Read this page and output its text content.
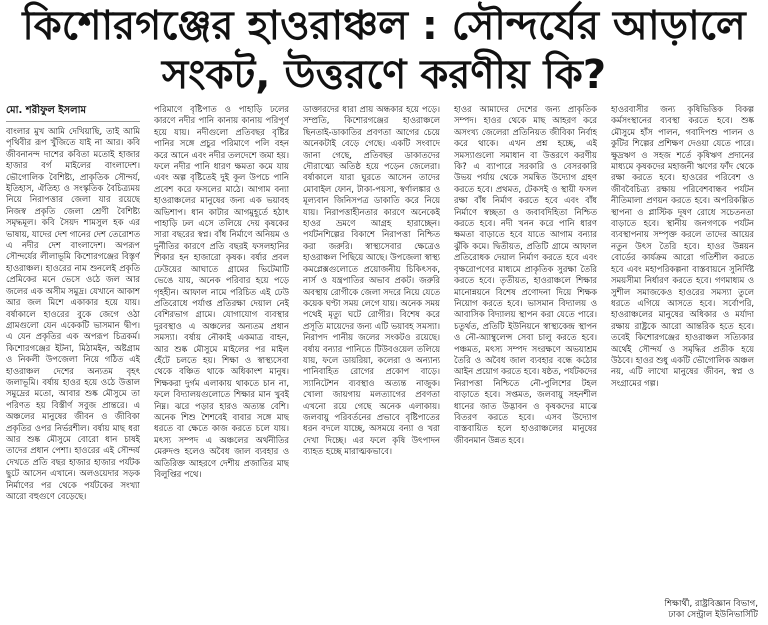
কিশোরগঞ্জের হাওরাঞ্চল : সৌন্দর্যের আড়ালে
সংকট, উত্তরণে করণীয় কি?
মো. শরীফুল ইসলাম

বাংলার মুখ আমি দেখিয়াছি, তাই আমি পৃথিবীর রূপ খুঁজিতে যাই না আর। কবি জীবনানন্দ দাশের কবিতা মতোই হাজার হাজার বর্গ মাইলের বাংলাদেশ। ভৌগোলিক বৈশিষ্ট্য, প্রাকৃতিক সৌন্দর্য, ইতিহাস, ঐতিহ্য ও সংস্কৃতিক বৈচিত্র্যময় নিয়ে নিরাপত্তার জেলা যার রয়েছে নিজস্ব প্রকৃতি জেলা শ্রেণী বৈশিষ্ট্য সমৃদ্ধমূল। কবি সৈয়দ শামসুল হক এর ভাষায়, যাদের দেশ গানের দেশ তেরোশত এ নদীর দেশ বাংলাদেশ। অপরূপ সৌন্দর্যের লীলাভূমি কিশোরগঞ্জের বিস্তৃর্ণ হাওরাঞ্চল। হাওরের নাম শুনলেই প্রকৃতি প্রেমিকের মনে ভেসে ওঠে জল আর জলের এক অসীম সমুদ্র। যেখানে আকাশ আর জল মিশে একাকার হয়ে যায়। বর্ষাকালে হাওরের বুকে জেগে ওঠা গ্রামগুলো যেন একেকটি ভাসমান দ্বীপ। এ যেন প্রকৃতির এক অপরূপ চিত্রকর্ম। কিশোরগঞ্জের ইটনা, মিঠামইন, অষ্টগ্রাম ও নিকলী উপজেলা নিয়ে গঠিত এই হাওরাঞ্চল দেশের অন্যতম বৃহৎ জলাভূমি। বর্ষায় হাওর হয়ে ওঠে উত্তাল সমুদ্রের মতো, আবার শুষ্ক মৌসুমে তা পরিণত হয় বিস্তীর্ণ সবুজ প্রান্তরে। এ অঞ্চলের মানুষের জীবন ও জীবিকা প্রকৃতির ওপর নির্ভরশীল। বর্ষায় মাছ ধরা আর শুষ্ক মৌসুমে বোরো ধান চাষই তাদের প্রধান পেশা। হাওরের এই সৌন্দর্য দেখতে প্রতি বছর হাজার হাজার পর্যটক ছুটে আসেন এখানে। অলওয়েদার সড়ক নির্মাণের পর থেকে পর্যটকের সংখ্যা আরো বহুগুণে বেড়েছে।

পরিমাণে বৃষ্টিপাত ও পাহাড়ি ঢলের কারণে নদীর পানি কানায় কানায় পরিপূর্ণ হয়ে যায়। নদীগুলো প্রতিবছর বৃষ্টির পানির সঙ্গে প্রচুর পরিমাণে পলি বহন করে আনে এবং নদীর তলদেশে জমা হয়। ফলে নদীর পানি ধারণ ক্ষমতা কমে যায় এবং অল্প বৃষ্টিতেই দুই কূল উপচে পানি প্রবেশ করে ফসলের মাঠে। আগাম বন্যা হাওরাঞ্চলের মানুষের জন্য এক ভয়াবহ অভিশাপ। ধান কাটার আগমুহূর্তে হঠাৎ পাহাড়ি ঢল এসে তলিয়ে দেয় কৃষকের সারা বছরের স্বপ্ন। বাঁধ নির্মাণে অনিয়ম ও দুর্নীতির কারণে প্রতি বছরই ফসলহানির শিকার হন হাজারো কৃষক। বর্ষার প্রবল ঢেউয়ের আঘাতে গ্রামের ভিটেমাটি ভেঙে যায়, অনেক পরিবার হয়ে পড়ে গৃহহীন। আফাল নামে পরিচিত এই ঢেউ প্রতিরোধে পর্যাপ্ত প্রতিরক্ষা দেয়াল নেই বেশিরভাগ গ্রামে। যোগাযোগ ব্যবস্থার দুরবস্থাও এ অঞ্চলের অন্যতম প্রধান সমস্যা। বর্ষায় নৌকাই একমাত্র বাহন, আর শুষ্ক মৌসুমে মাইলের পর মাইল হেঁটে চলতে হয়। শিক্ষা ও স্বাস্থ্যসেবা থেকে বঞ্চিত থাকে অধিকাংশ মানুষ। শিক্ষকরা দুর্গম এলাকায় থাকতে চান না, ফলে বিদ্যালয়গুলোতে শিক্ষার মান খুবই নিম্ন। ঝরে পড়ার হারও অত্যন্ত বেশি। অনেক শিশু শৈশবেই বাবার সঙ্গে মাছ ধরতে বা ক্ষেতে কাজ করতে চলে যায়। মৎস্য সম্পদ এ অঞ্চলের অর্থনীতির মেরুদণ্ড হলেও অবৈধ জাল ব্যবহার ও অতিরিক্ত আহরণে দেশীয় প্রজাতির মাছ বিলুপ্তির পথে।

ডাক্তারদের ধারা প্রায় অন্ধকার হয়ে পড়ে। সম্প্রতি, কিশোরগঞ্জের হাওরাঞ্চলে ছিনতাই-ডাকাতির প্রবণতা আগের চেয়ে অনেকটাই বেড়ে গেছে। একটি সংবাদে জানা গেছে, প্রতিবছর ডাকাতদের দৌরাত্ম্যে অতিষ্ঠ হয়ে পড়েন জেলেরা। বর্ষাকালে যারা ঘুরতে আসেন তাদের মোবাইল ফোন, টাকা-পয়সা, স্বর্ণালঙ্কার ও মূল্যবান জিনিসপত্র ডাকাতি করে নিয়ে যায়। নিরাপত্তাহীনতার কারণে অনেকেই হাওর ভ্রমণে আগ্রহ হারাচ্ছেন। পর্যটনশিল্পের বিকাশে নিরাপত্তা নিশ্চিত করা জরুরি। স্বাস্থ্যসেবার ক্ষেত্রেও হাওরাঞ্চল পিছিয়ে আছে। উপজেলা স্বাস্থ্য কমপ্লেক্সগুলোতে প্রয়োজনীয় চিকিৎসক, নার্স ও যন্ত্রপাতির অভাব প্রকট। জরুরি অবস্থায় রোগীকে জেলা সদরে নিয়ে যেতে কয়েক ঘণ্টা সময় লেগে যায়। অনেক সময় পথেই মৃত্যু ঘটে রোগীর। বিশেষ করে প্রসূতি মায়েদের জন্য এটি ভয়াবহ সমস্যা। নিরাপদ পানীয় জলের সংকটও রয়েছে। বর্ষায় বন্যার পানিতে টিউবওয়েল তলিয়ে যায়, ফলে ডায়রিয়া, কলেরা ও অন্যান্য পানিবাহিত রোগের প্রকোপ বাড়ে। স্যানিটেশন ব্যবস্থাও অত্যন্ত নাজুক। খোলা জায়গায় মলত্যাগের প্রবণতা এখনো রয়ে গেছে অনেক এলাকায়। জলবায়ু পরিবর্তনের প্রভাবে বৃষ্টিপাতের ধরন বদলে যাচ্ছে, অসময়ে বন্যা ও খরা দেখা দিচ্ছে। এর ফলে কৃষি উৎপাদন ব্যাহত হচ্ছে মারাত্মকভাবে।

হাওর আমাদের দেশের জন্য প্রাকৃতিক সম্পদ। হাওর থেকে মাছ আহরণ করে অসংখ্য জেলেরা প্রতিনিয়ত জীবিকা নির্বাহ করে থাকে। এখন প্রশ্ন হচ্ছে, এই সমস্যাগুলো সমাধান বা উত্তরণে করণীয় কি? এ ব্যাপারে সরকারি ও বেসরকারি উভয় পর্যায় থেকে সমন্বিত উদ্যোগ গ্রহণ করতে হবে। প্রথমত, টেকসই ও স্থায়ী ফসল রক্ষা বাঁধ নির্মাণ করতে হবে এবং বাঁধ নির্মাণে স্বচ্ছতা ও জবাবদিহিতা নিশ্চিত করতে হবে। নদী খনন করে পানি ধারণ ক্ষমতা বাড়াতে হবে যাতে আগাম বন্যার ঝুঁকি কমে। দ্বিতীয়ত, প্রতিটি গ্রামে আফাল প্রতিরোধক দেয়াল নির্মাণ করতে হবে এবং বৃক্ষরোপণের মাধ্যমে প্রাকৃতিক সুরক্ষা তৈরি করতে হবে। তৃতীয়ত, হাওরাঞ্চলে শিক্ষার মানোন্নয়নে বিশেষ প্রণোদনা দিয়ে শিক্ষক নিয়োগ করতে হবে। ভাসমান বিদ্যালয় ও আবাসিক বিদ্যালয় স্থাপন করা যেতে পারে। চতুর্থত, প্রতিটি ইউনিয়নে স্বাস্থ্যকেন্দ্র স্থাপন ও নৌ-অ্যাম্বুলেন্স সেবা চালু করতে হবে। পঞ্চমত, মৎস্য সম্পদ সংরক্ষণে অভয়াশ্রম তৈরি ও অবৈধ জাল ব্যবহার বন্ধে কঠোর আইন প্রয়োগ করতে হবে। ষষ্ঠত, পর্যটকদের নিরাপত্তা নিশ্চিতে নৌ-পুলিশের টহল বাড়াতে হবে। সপ্তমত, জলবায়ু সহনশীল ধানের জাত উদ্ভাবন ও কৃষকদের মাঝে বিতরণ করতে হবে। এসব উদ্যোগ বাস্তবায়িত হলে হাওরাঞ্চলের মানুষের জীবনমান উন্নত হবে।

হাওরবাসীর জন্য কৃষিভিত্তিক বিকল্প কর্মসংস্থানের ব্যবস্থা করতে হবে। শুষ্ক মৌসুমে হাঁস পালন, গবাদিপশু পালন ও কুটির শিল্পের প্রশিক্ষণ দেওয়া যেতে পারে। ক্ষুদ্রঋণ ও সহজ শর্তে কৃষিঋণ প্রদানের মাধ্যমে কৃষকদের মহাজনী ঋণের ফাঁদ থেকে রক্ষা করতে হবে। হাওরের পরিবেশ ও জীববৈচিত্র্য রক্ষায় পরিবেশবান্ধব পর্যটন নীতিমালা প্রণয়ন করতে হবে। অপরিকল্পিত স্থাপনা ও প্লাস্টিক দূষণ রোধে সচেতনতা বাড়াতে হবে। স্থানীয় জনগণকে পর্যটন ব্যবস্থাপনায় সম্পৃক্ত করলে তাদের আয়ের নতুন উৎস তৈরি হবে। হাওর উন্নয়ন বোর্ডের কার্যক্রম আরো গতিশীল করতে হবে এবং মহাপরিকল্পনা বাস্তবায়নে সুনির্দিষ্ট সময়সীমা নির্ধারণ করতে হবে। গণমাধ্যম ও সুশীল সমাজকেও হাওরের সমস্যা তুলে ধরতে এগিয়ে আসতে হবে। সর্বোপরি, হাওরাঞ্চলের মানুষের অধিকার ও মর্যাদা রক্ষায় রাষ্ট্রকে আরো আন্তরিক হতে হবে। তবেই কিশোরগঞ্জের হাওরাঞ্চল সত্যিকার অর্থেই সৌন্দর্য ও সমৃদ্ধির প্রতীক হয়ে উঠবে। হাওর শুধু একটি ভৌগোলিক অঞ্চল নয়, এটি লাখো মানুষের জীবন, স্বপ্ন ও সংগ্রামের গল্প।

শিক্ষার্থী, রাষ্ট্রবিজ্ঞান বিভাগ,
ঢাকা সেন্ট্রাল ইউনিভার্সিটি
